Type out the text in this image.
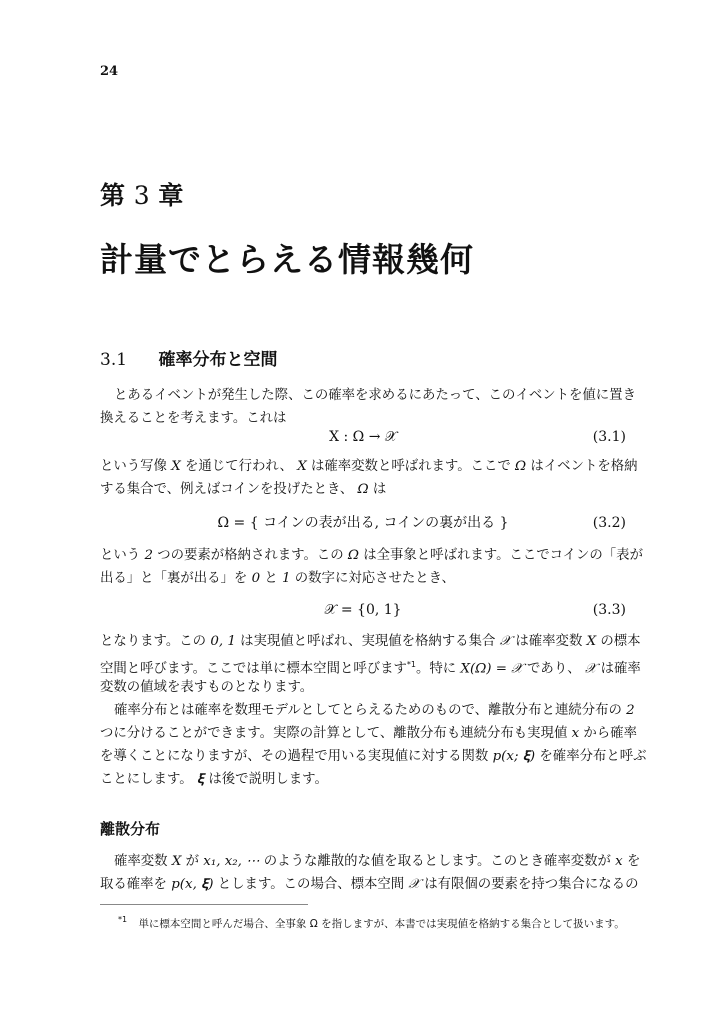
24
第 3 章
計量でとらえる情報幾何
3.1 確率分布と空間
とあるイベントが発生した際、この確率を求めるにあたって、このイベントを値に置き
換えることを考えます。これは
という写像 X を通じて行われ、 X は確率変数と呼ばれます。ここで Ω はイベントを格納
する集合で、例えばコインを投げたとき、 Ω は
という 2 つの要素が格納されます。この Ω は全事象と呼ばれます。ここでコインの「表が
出る」と「裏が出る」を 0 と 1 の数字に対応させたとき、
となります。この 0, 1 は実現値と呼ばれ、実現値を格納する集合 𝒳 は確率変数 X の標本
空間と呼びます。ここでは単に標本空間と呼びます$^{*1}$。特に X(Ω) = 𝒳 であり、 𝒳 は確率
変数の値域を表すものとなります。
確率分布とは確率を数理モデルとしてとらえるためのもので、離散分布と連続分布の 2
つに分けることができます。実際の計算として、離散分布も連続分布も実現値 x から確率
を導くことになりますが、その過程で用いる実現値に対する関数 p(x; 𝛏) を確率分布と呼ぶ
ことにします。 𝛏 は後で説明します。
確率変数 X が x₁, x₂, ⋯ のような離散的な値を取るとします。このとき確率変数が x を
取る確率を p(x, 𝛏) とします。この場合、標本空間 𝒳 は有限個の要素を持つ集合になるの
X : Ω → 𝒳	(3.1)
Ω = { コインの表が出る, コインの裏が出る }	(3.2)
𝒳 = {0, 1}	(3.3)
離散分布
$^{*1}$ 単に標本空間と呼んだ場合、全事象 Ω を指しますが、本書では実現値を格納する集合として扱います。
